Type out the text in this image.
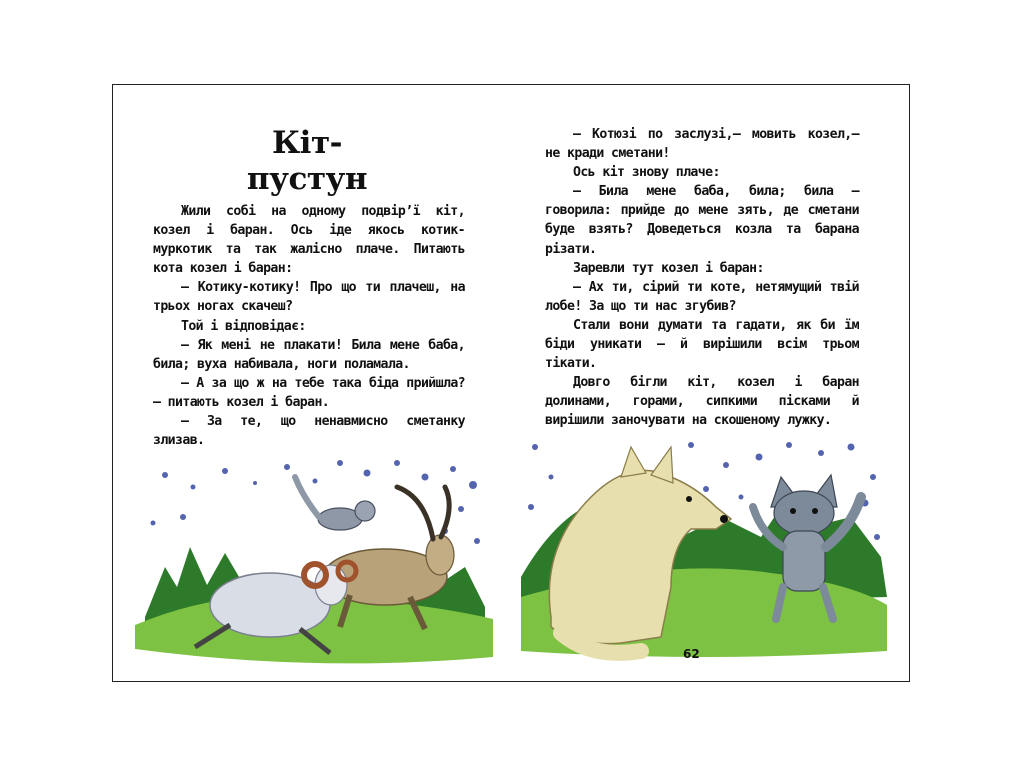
Кіт-пустун

Жили собі на одному подвір’ї кіт, козел і баран. Ось іде якось котик-муркотик та так жалісно плаче. Питають кота козел і баран:

— Котику-котику! Про що ти плачеш, на трьох ногах скачеш?

Той і відповідає:

— Як мені не плакати! Била мене баба, била; вуха набивала, ноги поламала.

— А за що ж на тебе така біда прийшла? — питають козел і баран.

— За те, що ненавмисно сметанку злизав.

— Котюзі по заслузі,— мовить козел,— не кради сметани!

Ось кіт знову плаче:

— Била мене баба, била; била — говорила: прийде до мене зять, де сметани буде взять? Доведеться козла та барана різати.

Заревли тут козел і баран:

— Ах ти, сірий ти коте, нетямущий твій лобе! За що ти нас згубив?

Стали вони думати та гадати, як би їм біди уникати — й вирішили всім трьом тікати.

Довго бігли кіт, козел і баран долинами, горами, сипкими пісками й вирішили заночувати на скошеному лужку.

62
